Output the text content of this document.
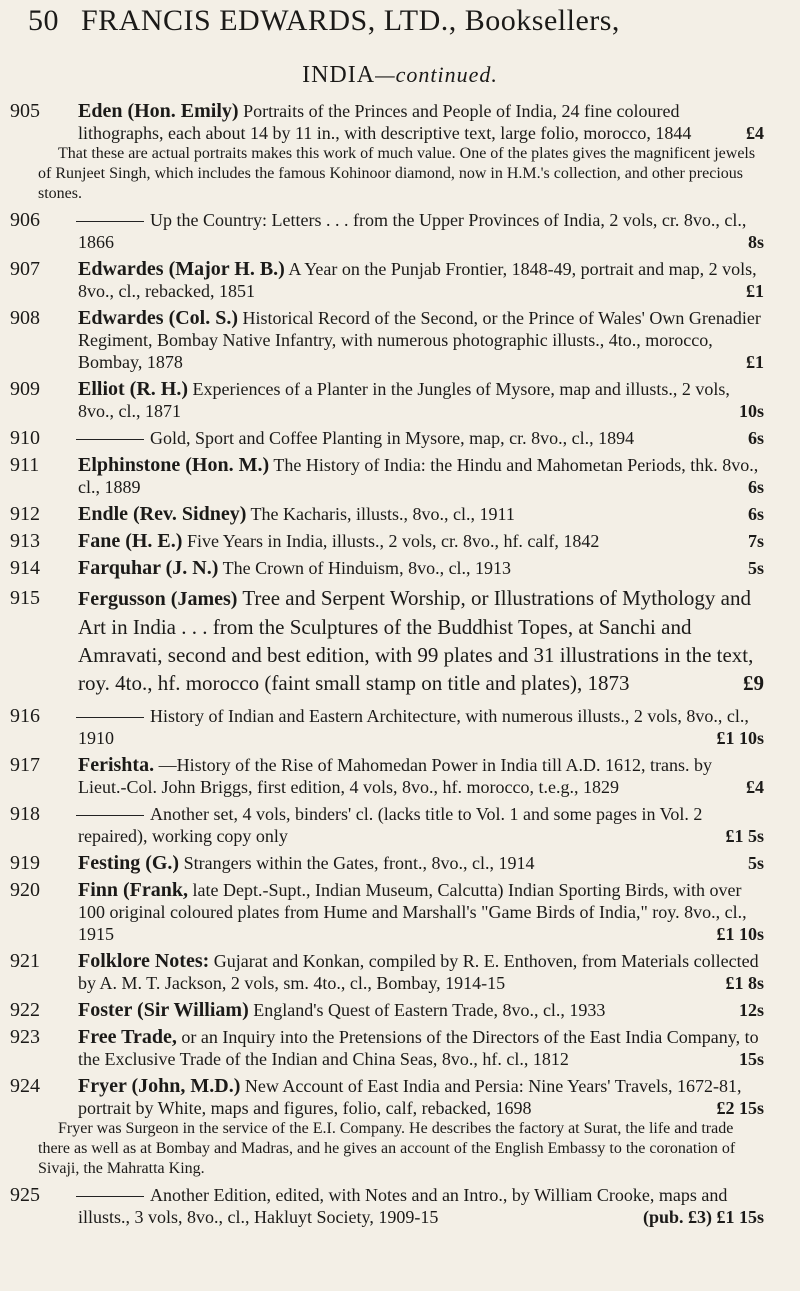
50 FRANCIS EDWARDS, LTD., Booksellers,
INDIA—continued.
905 Eden (Hon. Emily) Portraits of the Princes and People of India, 24 fine coloured lithographs, each about 14 by 11 in., with descriptive text, large folio, morocco, 1844	£4
That these are actual portraits makes this work of much value. One of the plates gives the magnificent jewels of Runjeet Singh, which includes the famous Kohinoor diamond, now in H.M.'s collection, and other precious stones.
906	Up the Country: Letters . . . from the Upper Provinces of India, 2 vols, cr. 8vo., cl., 1866	8s
907 Edwardes (Major H. B.) A Year on the Punjab Frontier, 1848-49, portrait and map, 2 vols, 8vo., cl., rebacked, 1851	£1
908 Edwardes (Col. S.) Historical Record of the Second, or the Prince of Wales' Own Grenadier Regiment, Bombay Native Infantry, with numerous photographic illusts., 4to., morocco, Bombay, 1878	£1
909 Elliot (R. H.) Experiences of a Planter in the Jungles of Mysore, map and illusts., 2 vols, 8vo., cl., 1871	10s
910	Gold, Sport and Coffee Planting in Mysore, map, cr. 8vo., cl., 1894	6s
911 Elphinstone (Hon. M.) The History of India: the Hindu and Mahometan Periods, thk. 8vo., cl., 1889	6s
912 Endle (Rev. Sidney) The Kacharis, illusts., 8vo., cl., 1911	6s
913 Fane (H. E.) Five Years in India, illusts., 2 vols, cr. 8vo., hf. calf, 1842	7s
914 Farquhar (J. N.) The Crown of Hinduism, 8vo., cl., 1913	5s
915 Fergusson (James) Tree and Serpent Worship, or Illustrations of Mythology and Art in India . . . from the Sculptures of the Buddhist Topes, at Sanchi and Amravati, second and best edition, with 99 plates and 31 illustrations in the text, roy. 4to., hf. morocco (faint small stamp on title and plates), 1873	£9
916	History of Indian and Eastern Architecture, with numerous illusts., 2 vols, 8vo., cl., 1910	£1 10s
917 Ferishta. —History of the Rise of Mahomedan Power in India till A.D. 1612, trans. by Lieut.-Col. John Briggs, first edition, 4 vols, 8vo., hf. morocco, t.e.g., 1829	£4
918	Another set, 4 vols, binders' cl. (lacks title to Vol. 1 and some pages in Vol. 2 repaired), working copy only	£1 5s
919 Festing (G.) Strangers within the Gates, front., 8vo., cl., 1914	5s
920 Finn (Frank, late Dept.-Supt., Indian Museum, Calcutta) Indian Sporting Birds, with over 100 original coloured plates from Hume and Marshall's "Game Birds of India," roy. 8vo., cl., 1915	£1 10s
921 Folklore Notes: Gujarat and Konkan, compiled by R. E. Enthoven, from Materials collected by A. M. T. Jackson, 2 vols, sm. 4to., cl., Bombay, 1914-15	£1 8s
922 Foster (Sir William) England's Quest of Eastern Trade, 8vo., cl., 1933	12s
923 Free Trade, or an Inquiry into the Pretensions of the Directors of the East India Company, to the Exclusive Trade of the Indian and China Seas, 8vo., hf. cl., 1812	15s
924 Fryer (John, M.D.) New Account of East India and Persia: Nine Years' Travels, 1672-81, portrait by White, maps and figures, folio, calf, rebacked, 1698	£2 15s
Fryer was Surgeon in the service of the E.I. Company. He describes the factory at Surat, the life and trade there as well as at Bombay and Madras, and he gives an account of the English Embassy to the coronation of Sivaji, the Mahratta King.
925	Another Edition, edited, with Notes and an Intro., by William Crooke, maps and illusts., 3 vols, 8vo., cl., Hakluyt Society, 1909-15	(pub. £3) £1 15s
